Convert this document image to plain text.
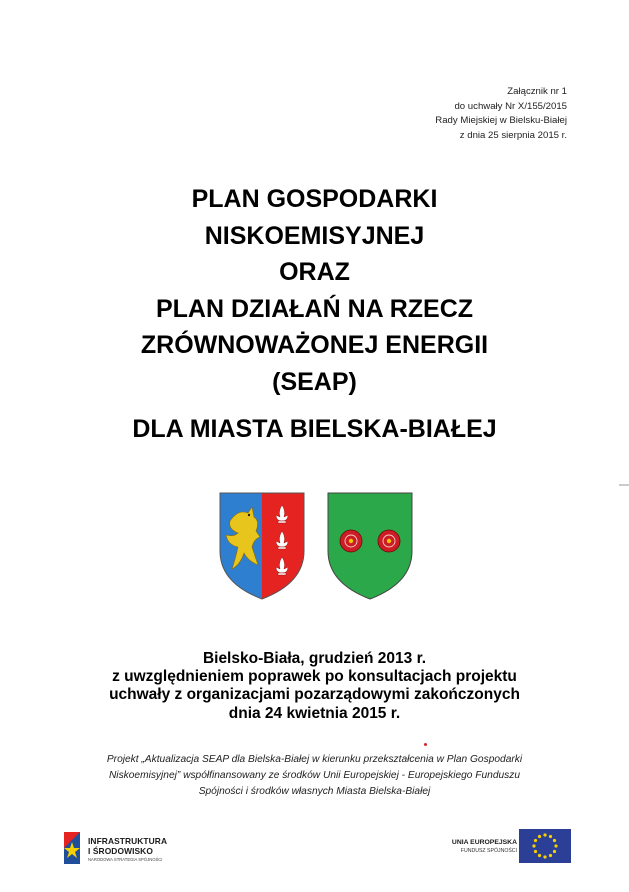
Załącznik nr 1
do uchwały Nr X/155/2015
Rady Miejskiej w Bielsku-Białej
z dnia 25 sierpnia 2015 r.
PLAN GOSPODARKI
NISKOEMISYJNEJ
ORAZ
PLAN DZIAŁAŃ NA RZECZ
ZRÓWNOWAŻONEJ ENERGII
(SEAP)
DLA MIASTA BIELSKA-BIAŁEJ
Bielsko-Biała, grudzień 2013 r.
z uwzględnieniem poprawek po konsultacjach projektu
uchwały z organizacjami pozarządowymi zakończonych
dnia 24 kwietnia 2015 r.
Projekt „Aktualizacja SEAP dla Bielska-Białej w kierunku przekształcenia w Plan Gospodarki
Niskoemisyjnej” współfinansowany ze środków Unii Europejskiej - Europejskiego Funduszu
Spójności i środków własnych Miasta Bielska-Białej
INFRASTRUKTURA
I ŚRODOWISKO
NARODOWA STRATEGIA SPÓJNOŚCI
UNIA EUROPEJSKA
FUNDUSZ SPÓJNOŚCI
